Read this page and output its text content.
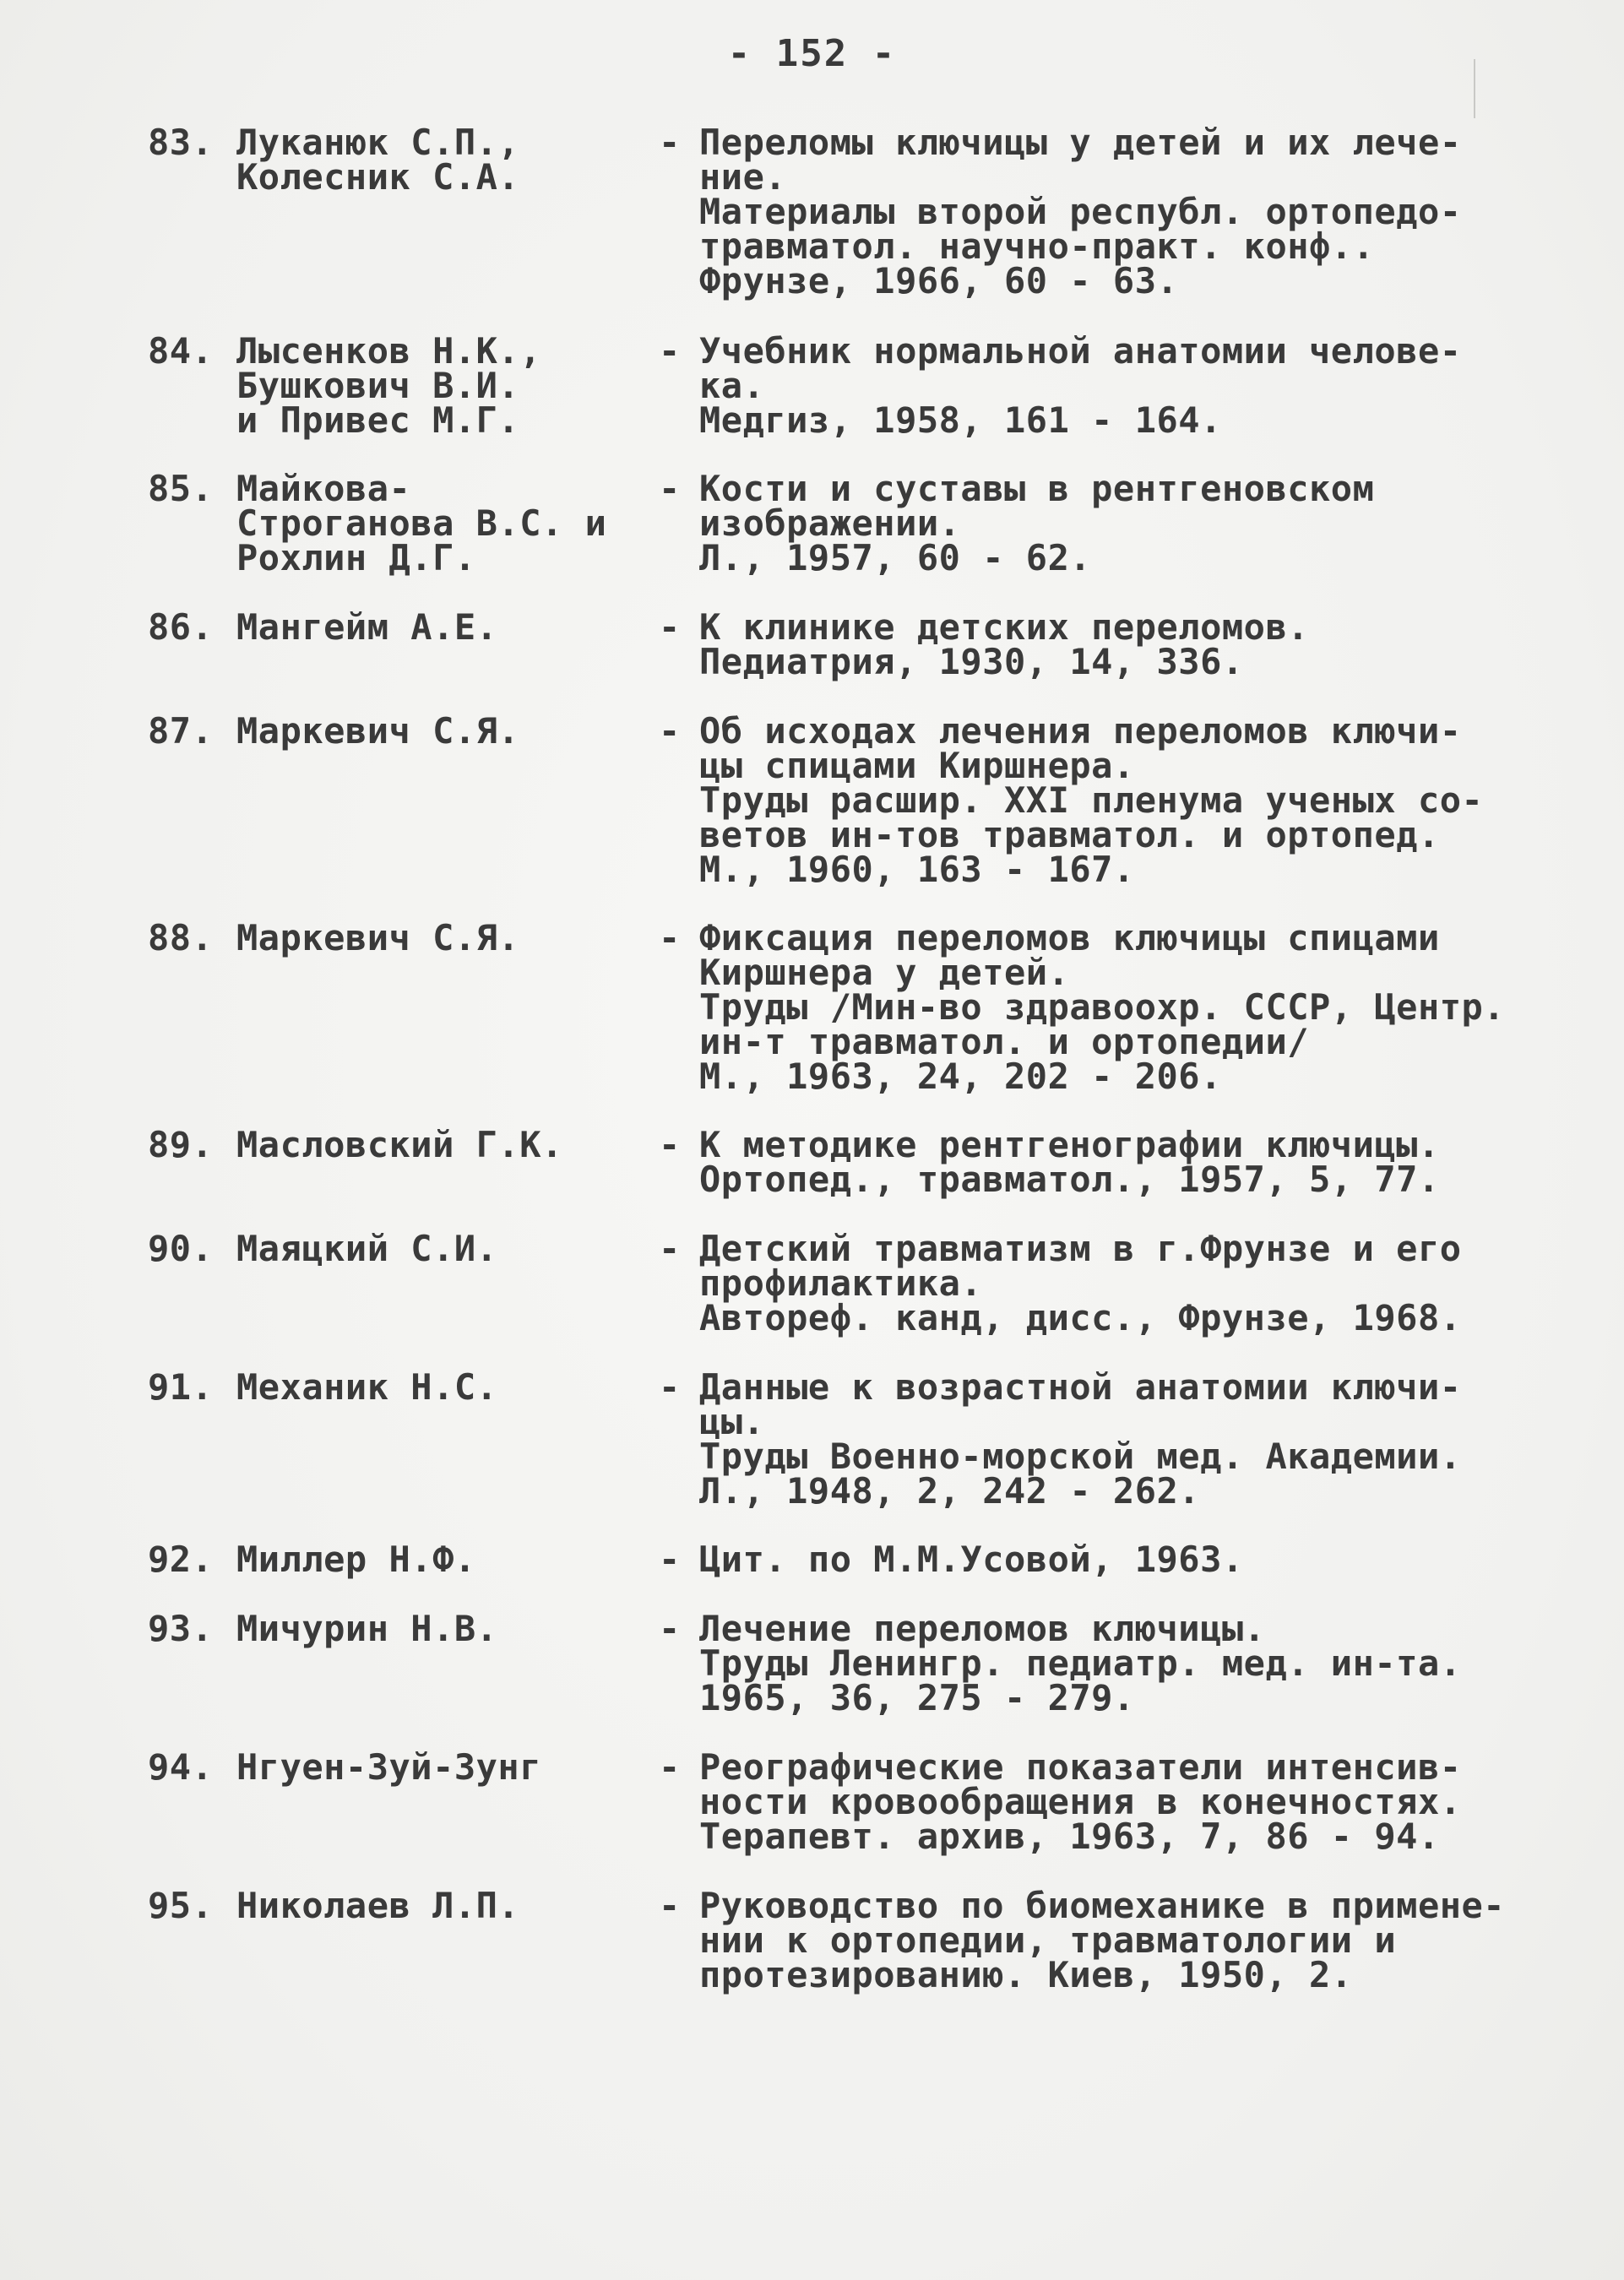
- 152 -
83. Луканюк С.П.,
Колесник С.А.
- Переломы ключицы у детей и их лече-
ние.
Материалы второй республ. ортопедо-
травматол. научно-практ. конф..
Фрунзе, 1966, 60 - 63.
84. Лысенков Н.К.,
Бушкович В.И.
и Привес М.Г.
- Учебник нормальной анатомии челове-
ка.
Медгиз, 1958, 161 - 164.
85. Майкова-
Строганова В.С. и
Рохлин Д.Г.
- Кости и суставы в рентгеновском
изображении.
Л., 1957, 60 - 62.
86. Мангейм А.Е.	- К клинике детских переломов.
Педиатрия, 1930, 14, 336.
87. Маркевич С.Я.	- Об исходах лечения переломов ключи-
цы спицами Киршнера.
Труды расшир. XXI пленума ученых со-
ветов ин-тов травматол. и ортопед.
М., 1960, 163 - 167.
88. Маркевич С.Я.	- Фиксация переломов ключицы спицами
Киршнера у детей.
Труды /Мин-во здравоохр. СССР, Центр.
ин-т травматол. и ортопедии/
М., 1963, 24, 202 - 206.
89. Масловский Г.К.	- К методике рентгенографии ключицы.
Ортопед., травматол., 1957, 5, 77.
90. Маяцкий С.И.	- Детский травматизм в г.Фрунзе и его
профилактика.
Автореф. канд, дисс., Фрунзе, 1968.
91. Механик Н.С.	- Данные к возрастной анатомии ключи-
цы.
Труды Военно-морской мед. Академии.
Л., 1948, 2, 242 - 262.
92. Миллер Н.Ф.	- Цит. по М.М.Усовой, 1963.
93. Мичурин Н.В.	- Лечение переломов ключицы.
Труды Ленингр. педиатр. мед. ин-та.
1965, 36, 275 - 279.
94. Нгуен-Зуй-Зунг	- Реографические показатели интенсив-
ности кровообращения в конечностях.
Терапевт. архив, 1963, 7, 86 - 94.
95. Николаев Л.П.	- Руководство по биомеханике в примене-
нии к ортопедии, травматологии и
протезированию. Киев, 1950, 2.
